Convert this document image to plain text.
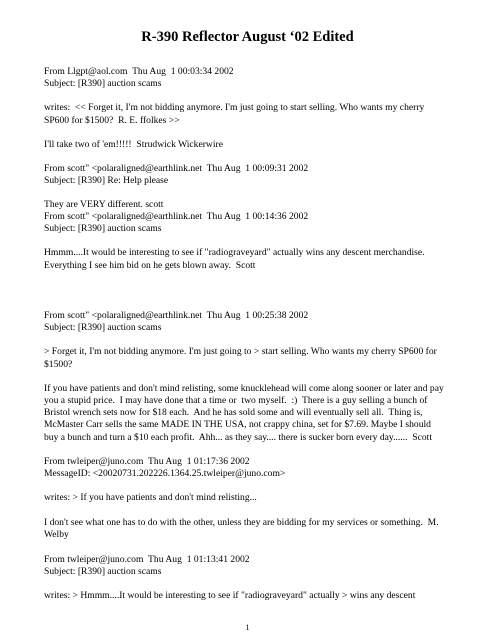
R-390 Reflector August ‘02 Edited

From Llgpt@aol.com  Thu Aug  1 00:03:34 2002

Subject: [R390] auction scams

writes:  << Forget it, I'm not bidding anymore. I'm just going to start selling. Who wants my cherry

SP600 for $1500?  R. E. ffolkes >>

I'll take two of 'em!!!!!  Strudwick Wickerwire

From scott" <polaraligned@earthlink.net  Thu Aug  1 00:09:31 2002

Subject: [R390] Re: Help please

They are VERY different. scott

From scott" <polaraligned@earthlink.net  Thu Aug  1 00:14:36 2002

Subject: [R390] auction scams

Hmmm....It would be interesting to see if "radiograveyard" actually wins any descent merchandise.

Everything I see him bid on he gets blown away.  Scott

From scott" <polaraligned@earthlink.net  Thu Aug  1 00:25:38 2002

Subject: [R390] auction scams

> Forget it, I'm not bidding anymore. I'm just going to > start selling. Who wants my cherry SP600 for

$1500?

If you have patients and don't mind relisting, some knucklehead will come along sooner or later and pay

you a stupid price.  I may have done that a time or  two myself.  :)  There is a guy selling a bunch of

Bristol wrench sets now for $18 each.  And he has sold some and will eventually sell all.  Thing is,

McMaster Carr sells the same MADE IN THE USA, not crappy china, set for $7.69. Maybe I should

buy a bunch and turn a $10 each profit.  Ahh... as they say.... there is sucker born every day......  Scott

From twleiper@juno.com  Thu Aug  1 01:17:36 2002

MessageID: <20020731.202226.1364.25.twleiper@juno.com>

writes: > If you have patients and don't mind relisting...

I don't see what one has to do with the other, unless they are bidding for my services or something.  M.

Welby

From twleiper@juno.com  Thu Aug  1 01:13:41 2002

Subject: [R390] auction scams

writes: > Hmmm....It would be interesting to see if "radiograveyard" actually > wins any descent

1
